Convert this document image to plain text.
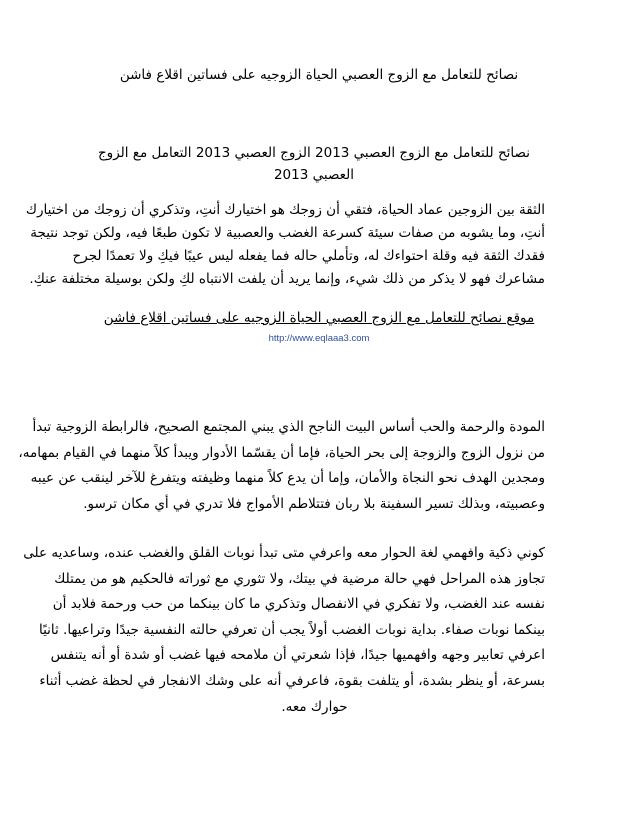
نصائح للتعامل مع الزوج العصبي الحياة الزوجيه على فساتين اقلاع فاشن
نصائح للتعامل مع الزوج العصبي 2013 الزوج العصبي 2013 التعامل مع الزوج العصبي 2013
الثقة بين الزوجين عماد الحياة، فتقي أن زوجك هو اختيارك أنتِ، وتذكري أن زوجك من اختيارك
أنتِ، وما يشوبه من صفات سيئة كسرعة الغضب والعصبية لا تكون طبعًا فيه، ولكن توجد نتيجة
فقدك الثقة فيه وقلة احتواءك له، وتأملي حاله فما يفعله ليس عيبًا فيكِ ولا تعمدًا لجرح
مشاعرك فهو لا يذكر من ذلك شيء، وإنما يريد أن يلفت الانتباه لكِ ولكن بوسيلة مختلفة عنكِ.
موقع نصائح للتعامل مع الزوج العصبي الحياة الزوجيه على فساتين اقلاع فاشن
http://www.eqlaaa3.com
المودة والرحمة والحب أساس البيت الناجح الذي يبني المجتمع الصحيح، فالرابطة الزوجية تبدأ
من نزول الزوج والزوجة إلى بحر الحياة، فإما أن يقسّما الأدوار ويبدأ كلاً منهما في القيام بمهامه،
ومجدين الهدف نحو النجاة والأمان، وإما أن يدع كلاً منهما وظيفته ويتفرغ للآخر لينقب عن عيبه
وعصبيته، وبذلك تسير السفينة بلا ربان فتتلاطم الأمواج فلا تدري في أي مكان ترسو.
كوني ذكية وافهمي لغة الحوار معه واعرفي متى تبدأ نوبات القلق والغضب عنده، وساعديه على
تجاوز هذه المراحل فهي حالة مرضية في بيتك، ولا تثوري مع ثوراته فالحكيم هو من يمتلك
نفسه عند الغضب، ولا تفكري في الانفصال وتذكري ما كان بينكما من حب ورحمة فلابد أن
بينكما نوبات صفاء. بداية نوبات الغضب أولاً يجب أن تعرفي حالته النفسية جيدًا وتراعيها. ثانيًا
اعرفي تعابير وجهه وافهميها جيدًا، فإذا شعرتي أن ملامحه فيها غضب أو شدة أو أنه يتنفس
بسرعة، أو ينظر بشدة، أو يتلفت بقوة، فاعرفي أنه على وشك الانفجار في لحظة غضب أثناء
حوارك معه.
